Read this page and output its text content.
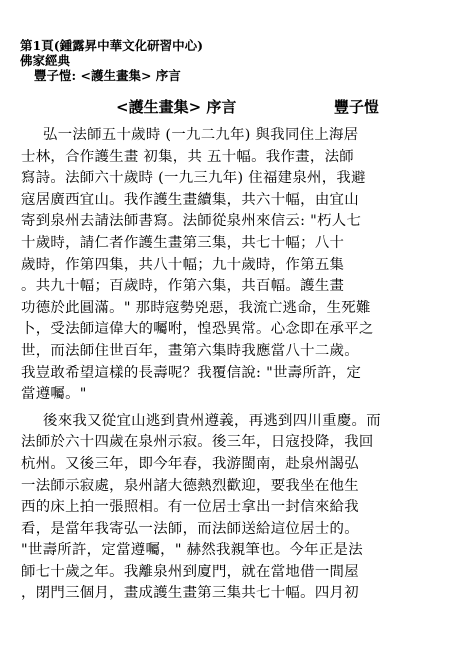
第1頁(鍾露昇中華文化研習中心)
佛家經典
豐子愷: <護生畫集> 序言
<護生畫集> 序言	豐子愷
弘一法師五十歲時 (一九二九年) 與我同住上海居
士林，合作護生畫 初集，共 五十幅。我作畫，法師
寫詩。法師六十歲時 (一九三九年) 住福建泉州，我避
寇居廣西宜山。我作護生畫續集，共六十幅，由宜山
寄到泉州去請法師書寫。法師從泉州來信云: "朽人七
十歲時，請仁者作護生畫第三集，共七十幅；八十
歲時，作第四集，共八十幅；九十歲時，作第五集
。共九十幅；百歲時，作第六集，共百幅。護生畫
功德於此圓滿。" 那時寇勢兇惡，我流亡逃命，生死難
卜，受法師這偉大的囑咐，惶恐異常。心念即在承平之
世，而法師住世百年，畫第六集時我應當八十二歲。
我豈敢希望這樣的長壽呢？我覆信說: "世壽所許，定
當遵囑。"
後來我又從宜山逃到貴州遵義，再逃到四川重慶。而
法師於六十四歲在泉州示寂。後三年，日寇投降，我回
杭州。又後三年，即今年春，我游閩南，赴泉州謁弘
一法師示寂處，泉州諸大德熱烈歡迎，要我坐在他生
西的床上拍一張照相。有一位居士拿出一封信來給我
看，是當年我寄弘一法師，而法師送給這位居士的。
"世壽所許，定當遵囑，" 赫然我親筆也。今年正是法
師七十歲之年。我離泉州到廈門，就在當地借一間屋
，閉門三個月，畫成護生畫第三集共七十幅。四月初
